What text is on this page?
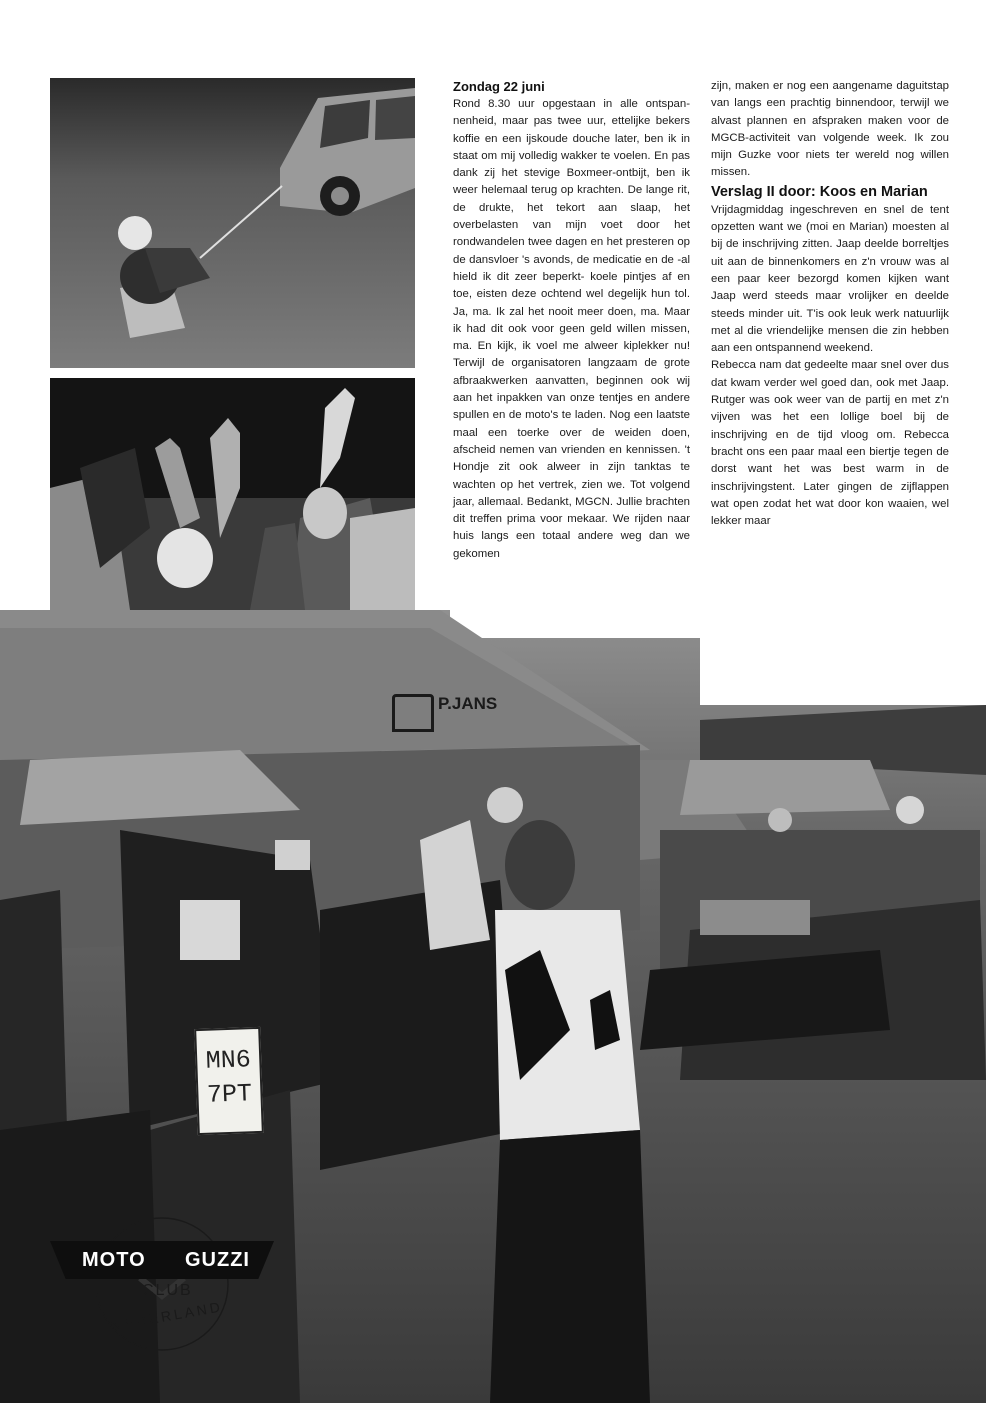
P.JANS
MN6
7PT

Zondag 22 juni

Rond 8.30 uur opgestaan in alle ontspannenheid, maar pas twee uur, ettelijke bekers koffie en een ijskoude douche later, ben ik in staat om mij volledig wakker te voelen. En pas dank zij het stevige Boxmeer-ontbijt, ben ik weer helemaal terug op krachten. De lange rit, de drukte, het tekort aan slaap, het overbelasten van mijn voet door het rondwandelen twee dagen en het presteren op de dansvloer 's avonds, de medicatie en de -al hield ik dit zeer beperkt- koele pintjes af en toe, eisten deze ochtend wel degelijk hun tol. Ja, ma. Ik zal het nooit meer doen, ma. Maar ik had dit ook voor geen geld willen missen, ma. En kijk, ik voel me alweer kiplekker nu! Terwijl de organisatoren langzaam de grote afbraakwerken aanvatten, beginnen ook wij aan het inpakken van onze tentjes en andere spullen en de moto's te laden. Nog een laatste maal een toerke over de weiden doen, afscheid nemen van vrienden en kennissen. 't Hondje zit ook alweer in zijn tanktas te wachten op het vertrek, zien we. Tot volgend jaar, allemaal. Bedankt, MGCN. Jullie brachten dit treffen prima voor mekaar. We rijden naar huis langs een totaal andere weg dan we gekomen

zijn, maken er nog een aangename daguitstap van langs een prachtig binnendoor, terwijl we alvast plannen en afspraken maken voor de MGCB-activiteit van volgende week. Ik zou mijn Guzke voor niets ter wereld nog willen missen.

Verslag II door: Koos en Marian

Vrijdagmiddag ingeschreven en snel de tent opzetten want we (moi en Marian) moesten al bij de inschrijving zitten. Jaap deelde borreltjes uit aan de binnenkomers en z'n vrouw was al een paar keer bezorgd komen kijken want Jaap werd steeds maar vrolijker en deelde steeds minder uit. T'is ook leuk werk natuurlijk met al die vriendelijke mensen die zin hebben aan een ontspannend weekend.

Rebecca nam dat gedeelte maar snel over dus dat kwam verder wel goed dan, ook met Jaap. Rutger was ook weer van de partij en met z'n vijven was het een lollige boel bij de inschrijving en de tijd vloog om. Rebecca bracht ons een paar maal een biertje tegen de dorst want het was best warm in de inschrijvingstent. Later gingen de zijflappen wat open zodat het wat door kon waaien, wel lekker maar

MOTO GUZZI
CLUB
NEDERLAND
